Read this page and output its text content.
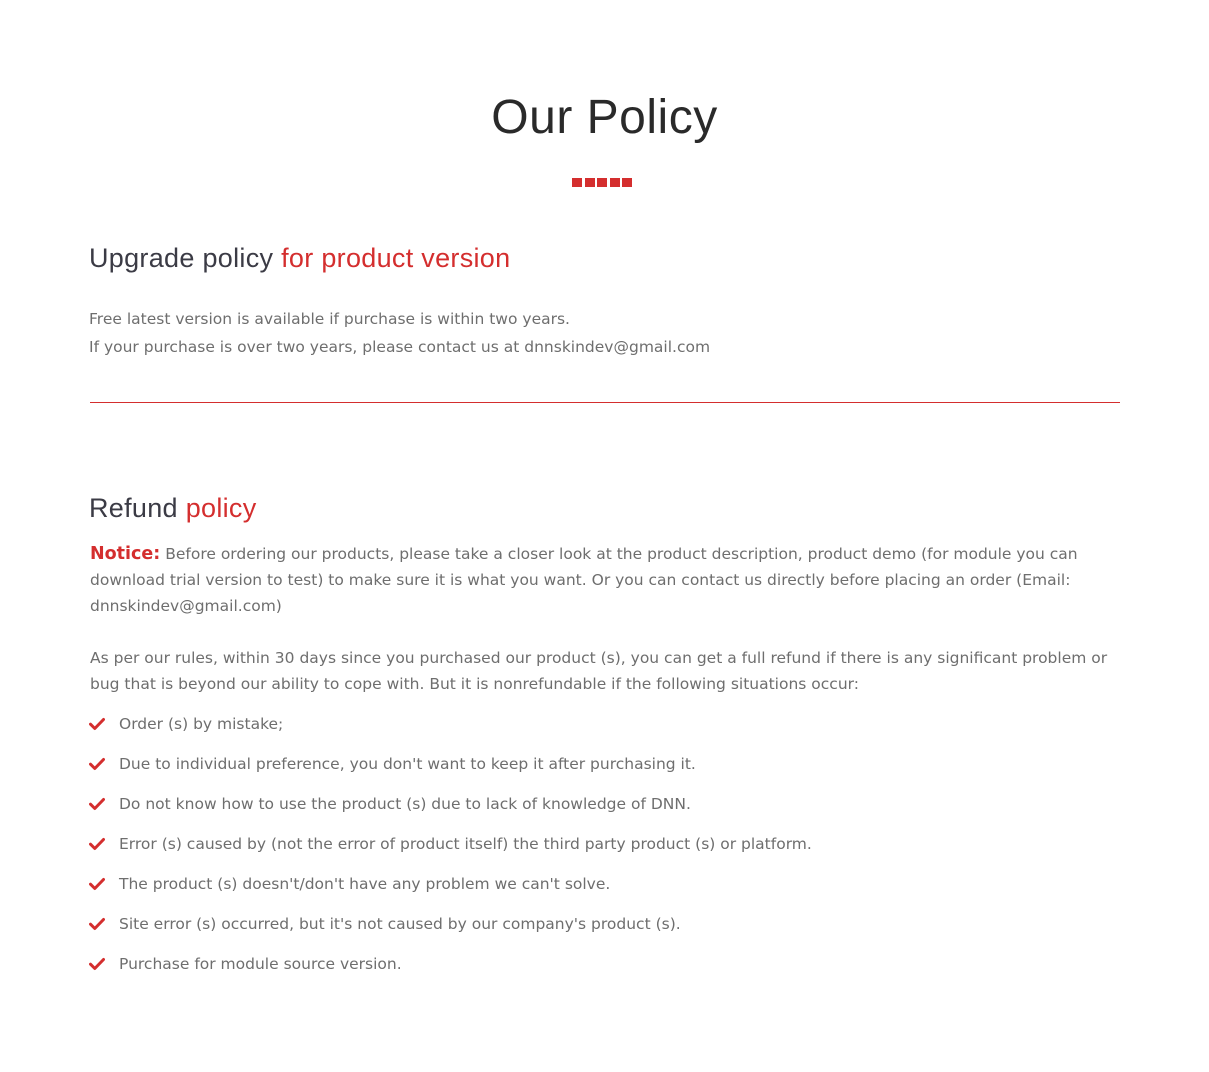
Our Policy
Upgrade policy for product version

Free latest version is available if purchase is within two years.

If your purchase is over two years, please contact us at dnnskindev@gmail.com

Refund policy

Notice: Before ordering our products, please take a closer look at the product description, product demo (for module you can download trial version to test) to make sure it is what you want. Or you can contact us directly before placing an order (Email: dnnskindev@gmail.com)

As per our rules, within 30 days since you purchased our product (s), you can get a full refund if there is any significant problem or bug that is beyond our ability to cope with. But it is nonrefundable if the following situations occur:

Order (s) by mistake;
Due to individual preference, you don't want to keep it after purchasing it.
Do not know how to use the product (s) due to lack of knowledge of DNN.
Error (s) caused by (not the error of product itself) the third party product (s) or platform.
The product (s) doesn't/don't have any problem we can't solve.
Site error (s) occurred, but it's not caused by our company's product (s).
Purchase for module source version.
